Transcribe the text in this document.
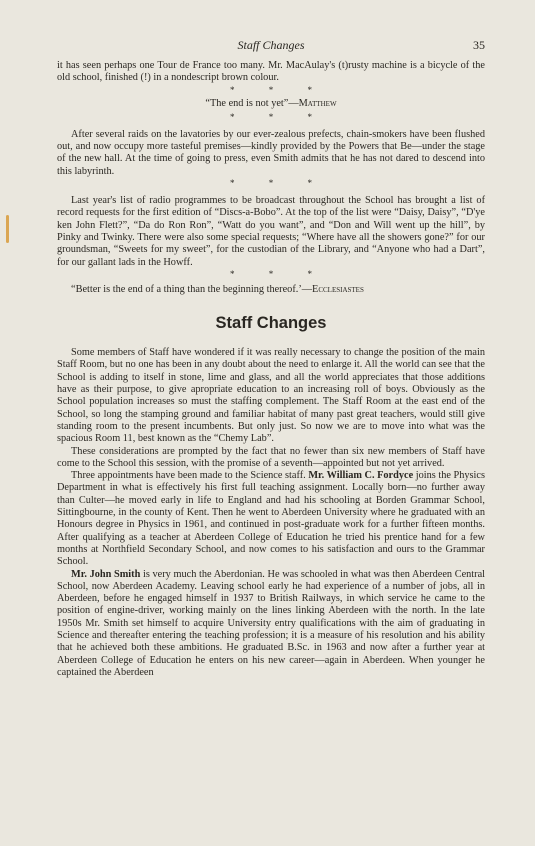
Staff Changes	35

it has seen perhaps one Tour de France too many. Mr. MacAulay's (t)rusty machine is a bicycle of the old school, finished (!) in a nondescript brown colour.

* * *
“The end is not yet”—Matthew
* * *

After several raids on the lavatories by our ever-zealous prefects, chain-smokers have been flushed out, and now occupy more tasteful premises—kindly provided by the Powers that Be—under the stage of the new hall. At the time of going to press, even Smith admits that he has not dared to descend into this labyrinth.

* * *

Last year's list of radio programmes to be broadcast throughout the School has brought a list of record requests for the first edition of “Discs-a-Bobo”. At the top of the list were “Daisy, Daisy”, “D'ye ken John Flett?”, “Da do Ron Ron”, “Watt do you want”, and “Don and Will went up the hill”, by Pinky and Twinky. There were also some special requests; “Where have all the showers gone?” for our groundsman, “Sweets for my sweet”, for the custodian of the Library, and “Anyone who had a Dart”, for our gallant lads in the Howff.

* * *
“Better is the end of a thing than the beginning thereof.’—Ecclesiastes
Staff Changes

Some members of Staff have wondered if it was really necessary to change the position of the main Staff Room, but no one has been in any doubt about the need to enlarge it. All the world can see that the School is adding to itself in stone, lime and glass, and all the world appreciates that those additions have as their purpose, to give apropriate education to an increasing roll of boys. Obviously as the School population increases so must the staffing complement. The Staff Room at the east end of the School, so long the stamping ground and familiar habitat of many past great teachers, would still give standing room to the present incumbents. But only just. So now we are to move into what was the spacious Room 11, best known as the “Chemy Lab”.

These considerations are prompted by the fact that no fewer than six new members of Staff have come to the School this session, with the promise of a seventh—appointed but not yet arrived.

Three appointments have been made to the Science staff. Mr. William C. Fordyce joins the Physics Department in what is effectively his first full teaching assignment. Locally born—no further away than Culter—he moved early in life to England and had his schooling at Borden Grammar School, Sittingbourne, in the county of Kent. Then he went to Aberdeen University where he graduated with an Honours degree in Physics in 1961, and continued in post-graduate work for a further fifteen months. After qualifying as a teacher at Aberdeen College of Education he tried his prentice hand for a few months at Northfield Secondary School, and now comes to his satisfaction and ours to the Grammar School.

Mr. John Smith is very much the Aberdonian. He was schooled in what was then Aberdeen Central School, now Aberdeen Academy. Leaving school early he had experience of a number of jobs, all in Aberdeen, before he engaged himself in 1937 to British Railways, in which service he came to the position of engine-driver, working mainly on the lines linking Aberdeen with the north. In the late 1950s Mr. Smith set himself to acquire University entry qualifications with the aim of graduating in Science and thereafter entering the teaching profession; it is a measure of his resolution and his ability that he achieved both these ambitions. He graduated B.Sc. in 1963 and now after a further year at Aberdeen College of Education he enters on his new career—again in Aberdeen. When younger he captained the Aberdeen
